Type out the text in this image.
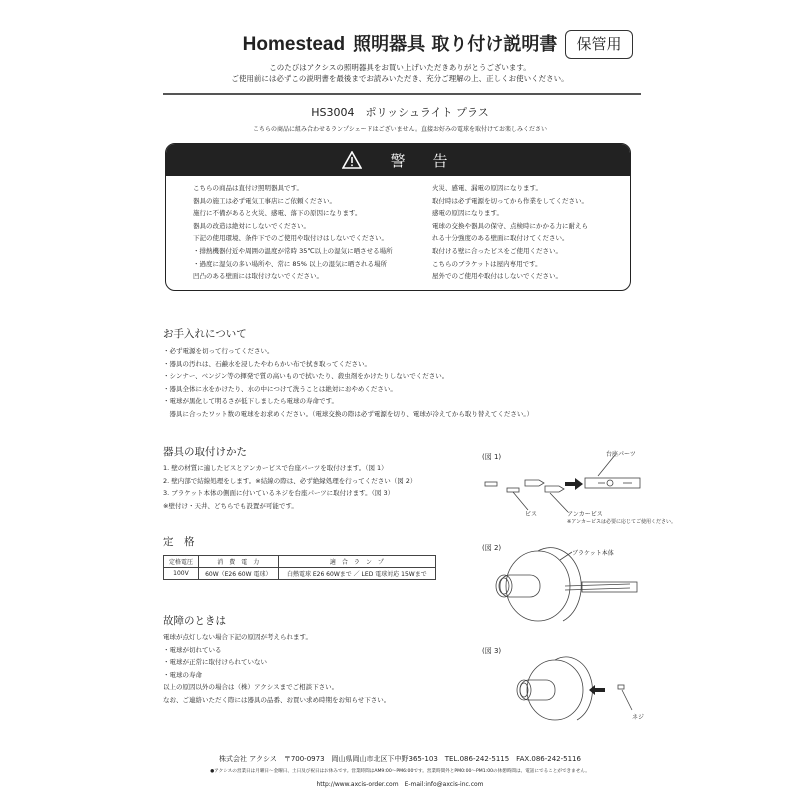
Homestead 照明器具 取り付け説明書	保管用
このたびはアクシスの照明器具をお買い上げいただきありがとうございます。
ご使用前には必ずこの説明書を最後までお読みいただき、充分ご理解の上、正しくお使いください。
HS3004　ポリッシュライト プラス
こちらの商品に組み合わせるランプシェードはございません。直接お好みの電球を取付けてお楽しみください
警　告
こちらの商品は直付け照明器具です。
器具の施工は必ず電気工事店にご依頼ください。
施行に不備があると火災、感電、落下の原因になります。
器具の改造は絶対にしないでください。
下記の使用環境、条件下でのご使用や取付けはしないでください。
・排熱機器付近や周囲の温度が常時 35℃以上の湿気に晒させる場所
・過度に湿気の多い場所や、常に 85% 以上の湿気に晒される場所
凹凸のある壁面には取付けないでください。
火災、感電、漏電の原因になります。
取付時は必ず電源を切ってから作業をしてください。
感電の原因になります。
電球の交換や器具の保守、点検時にかかる力に耐えら
れる十分強度のある壁面に取付けてください。
取付ける壁に合ったビスをご使用ください。
こちらのブラケットは屋内専用です。
屋外でのご使用や取付はしないでください。
お手入れについて
・必ず電源を切って行ってください。
・器具の汚れは、石鹸水を浸したやわらかい布で拭き取ってください。
・シンナー、ベンジン等の揮発で質の高いもので拭いたり、殺虫剤をかけたりしないでください。
・器具全体に水をかけたり、水の中につけて洗うことは絶対におやめください。
・電球が黒化して明るさが低下しましたら電球の寿命です。
　器具に合ったワット数の電球をお求めください。（電球交換の際は必ず電源を切り、電球が冷えてから取り替えてください。）
器具の取付けかた
1. 壁の材質に適したビスとアンカービスで台座パーツを取付けます。（図 1）
2. 壁内部で結線処理をします。※結線の際は、必ず絶縁処理を行ってください（図 2）
3. ブラケット本体の側面に付いているネジを台座パーツに取付けます。（図 3）
※壁付け・天井、どちらでも設置が可能です。
定　格
定格電圧	消　費　電　力	適　合　ラ　ン　プ
100V	60W（E26 60W 電球）	白熱電球 E26 60Wまで ／ LED 電球対応 15Wまで
故障のときは
電球が点灯しない場合下記の原因が考えられます。
・電球が切れている
・電球が正常に取付けられていない
・電球の寿命
以上の原因以外の場合は（株）アクシスまでご相談下さい。
なお、ご連絡いただく際には器具の品番、お買い求め時期をお知らせ下さい。
(図 1)	台座パーツ
ビス	アンカービス
※アンカービスは必要に応じてご使用ください。
(図 2)
ブラケット本体
(図 3)
ネジ
株式会社 アクシス　〒700-0973　岡山県岡山市北区下中野365-103　TEL.086-242-5115　FAX.086-242-5116
●アクシスの営業日は月曜日～金曜日、土日及び祝日はお休みです。営業時間はAM9:00～PM6:00です。営業時間外とPM0:00～PM1:00の休憩時間は、電話にでることができません。
http://www.axcis-order.com　E-mail:info@axcis-inc.com
